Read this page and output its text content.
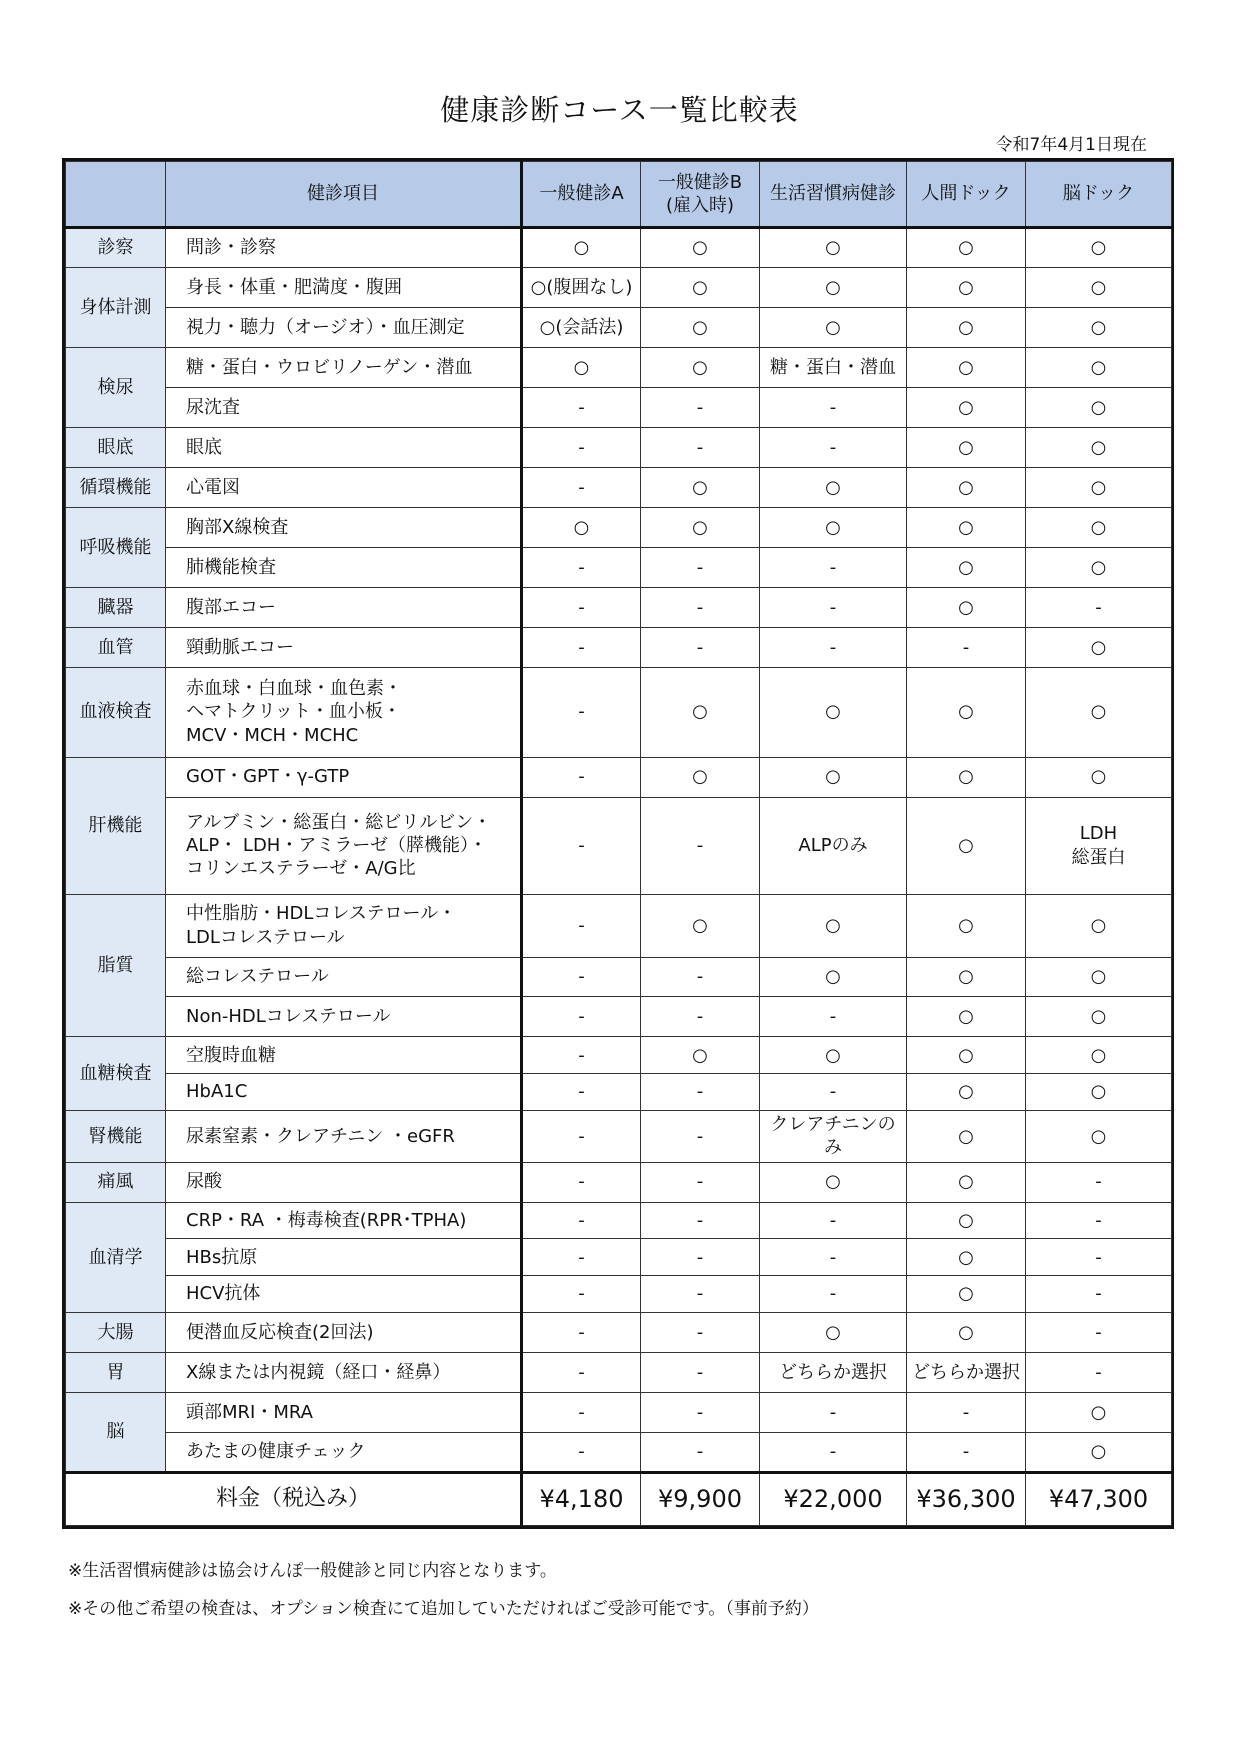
健康診断コース一覧比較表
令和7年4月1日現在
	健診項目	一般健診A	一般健診B
(雇入時)	生活習慣病健診	人間ドック	脳ドック
診察	問診・診察	○	○	○	○	○
身体計測	身長・体重・肥満度・腹囲	○(腹囲なし)	○	○	○	○
	視力・聴力（オージオ）・血圧測定	○(会話法)	○	○	○	○
検尿	糖・蛋白・ウロビリノーゲン・潜血	○	○	糖・蛋白・潜血	○	○
	尿沈査	-	-	-	○	○
眼底	眼底	-	-	-	○	○
循環機能	心電図	-	○	○	○	○
呼吸機能	胸部X線検査	○	○	○	○	○
	肺機能検査	-	-	-	○	○
臓器	腹部エコー	-	-	-	○	-
血管	頸動脈エコー	-	-	-	-	○
血液検査	赤血球・白血球・血色素・
ヘマトクリット・血小板・
MCV・MCH・MCHC	-	○	○	○	○
肝機能	GOT・GPT・γ-GTP	-	○	○	○	○
	アルブミン・総蛋白・総ビリルビン・
ALP・ LDH・アミラーゼ（膵機能）・
コリンエステラーゼ・A/G比	-	-	ALPのみ	○	LDH
総蛋白
脂質	中性脂肪・HDLコレステロール・
LDLコレステロール	-	○	○	○	○
	総コレステロール	-	-	○	○	○
	Non-HDLコレステロール	-	-	-	○	○
血糖検査	空腹時血糖	-	○	○	○	○
	HbA1C	-	-	-	○	○
腎機能	尿素窒素・クレアチニン ・eGFR	-	-	クレアチニンのみ	○	○
痛風	尿酸	-	-	○	○	-
血清学	CRP・RA ・梅毒検査(RPR･TPHA)	-	-	-	○	-
	HBs抗原	-	-	-	○	-
	HCV抗体	-	-	-	○	-
大腸	便潜血反応検査(2回法)	-	-	○	○	-
胃	X線または内視鏡（経口・経鼻）	-	-	どちらか選択	どちらか選択	-
脳	頭部MRI・MRA	-	-	-	-	○
	あたまの健康チェック	-	-	-	-	○
料金（税込み）		¥4,180	¥9,900	¥22,000	¥36,300	¥47,300
※生活習慣病健診は協会けんぽ一般健診と同じ内容となります。
※その他ご希望の検査は、オプション検査にて追加していただければご受診可能です。（事前予約）
